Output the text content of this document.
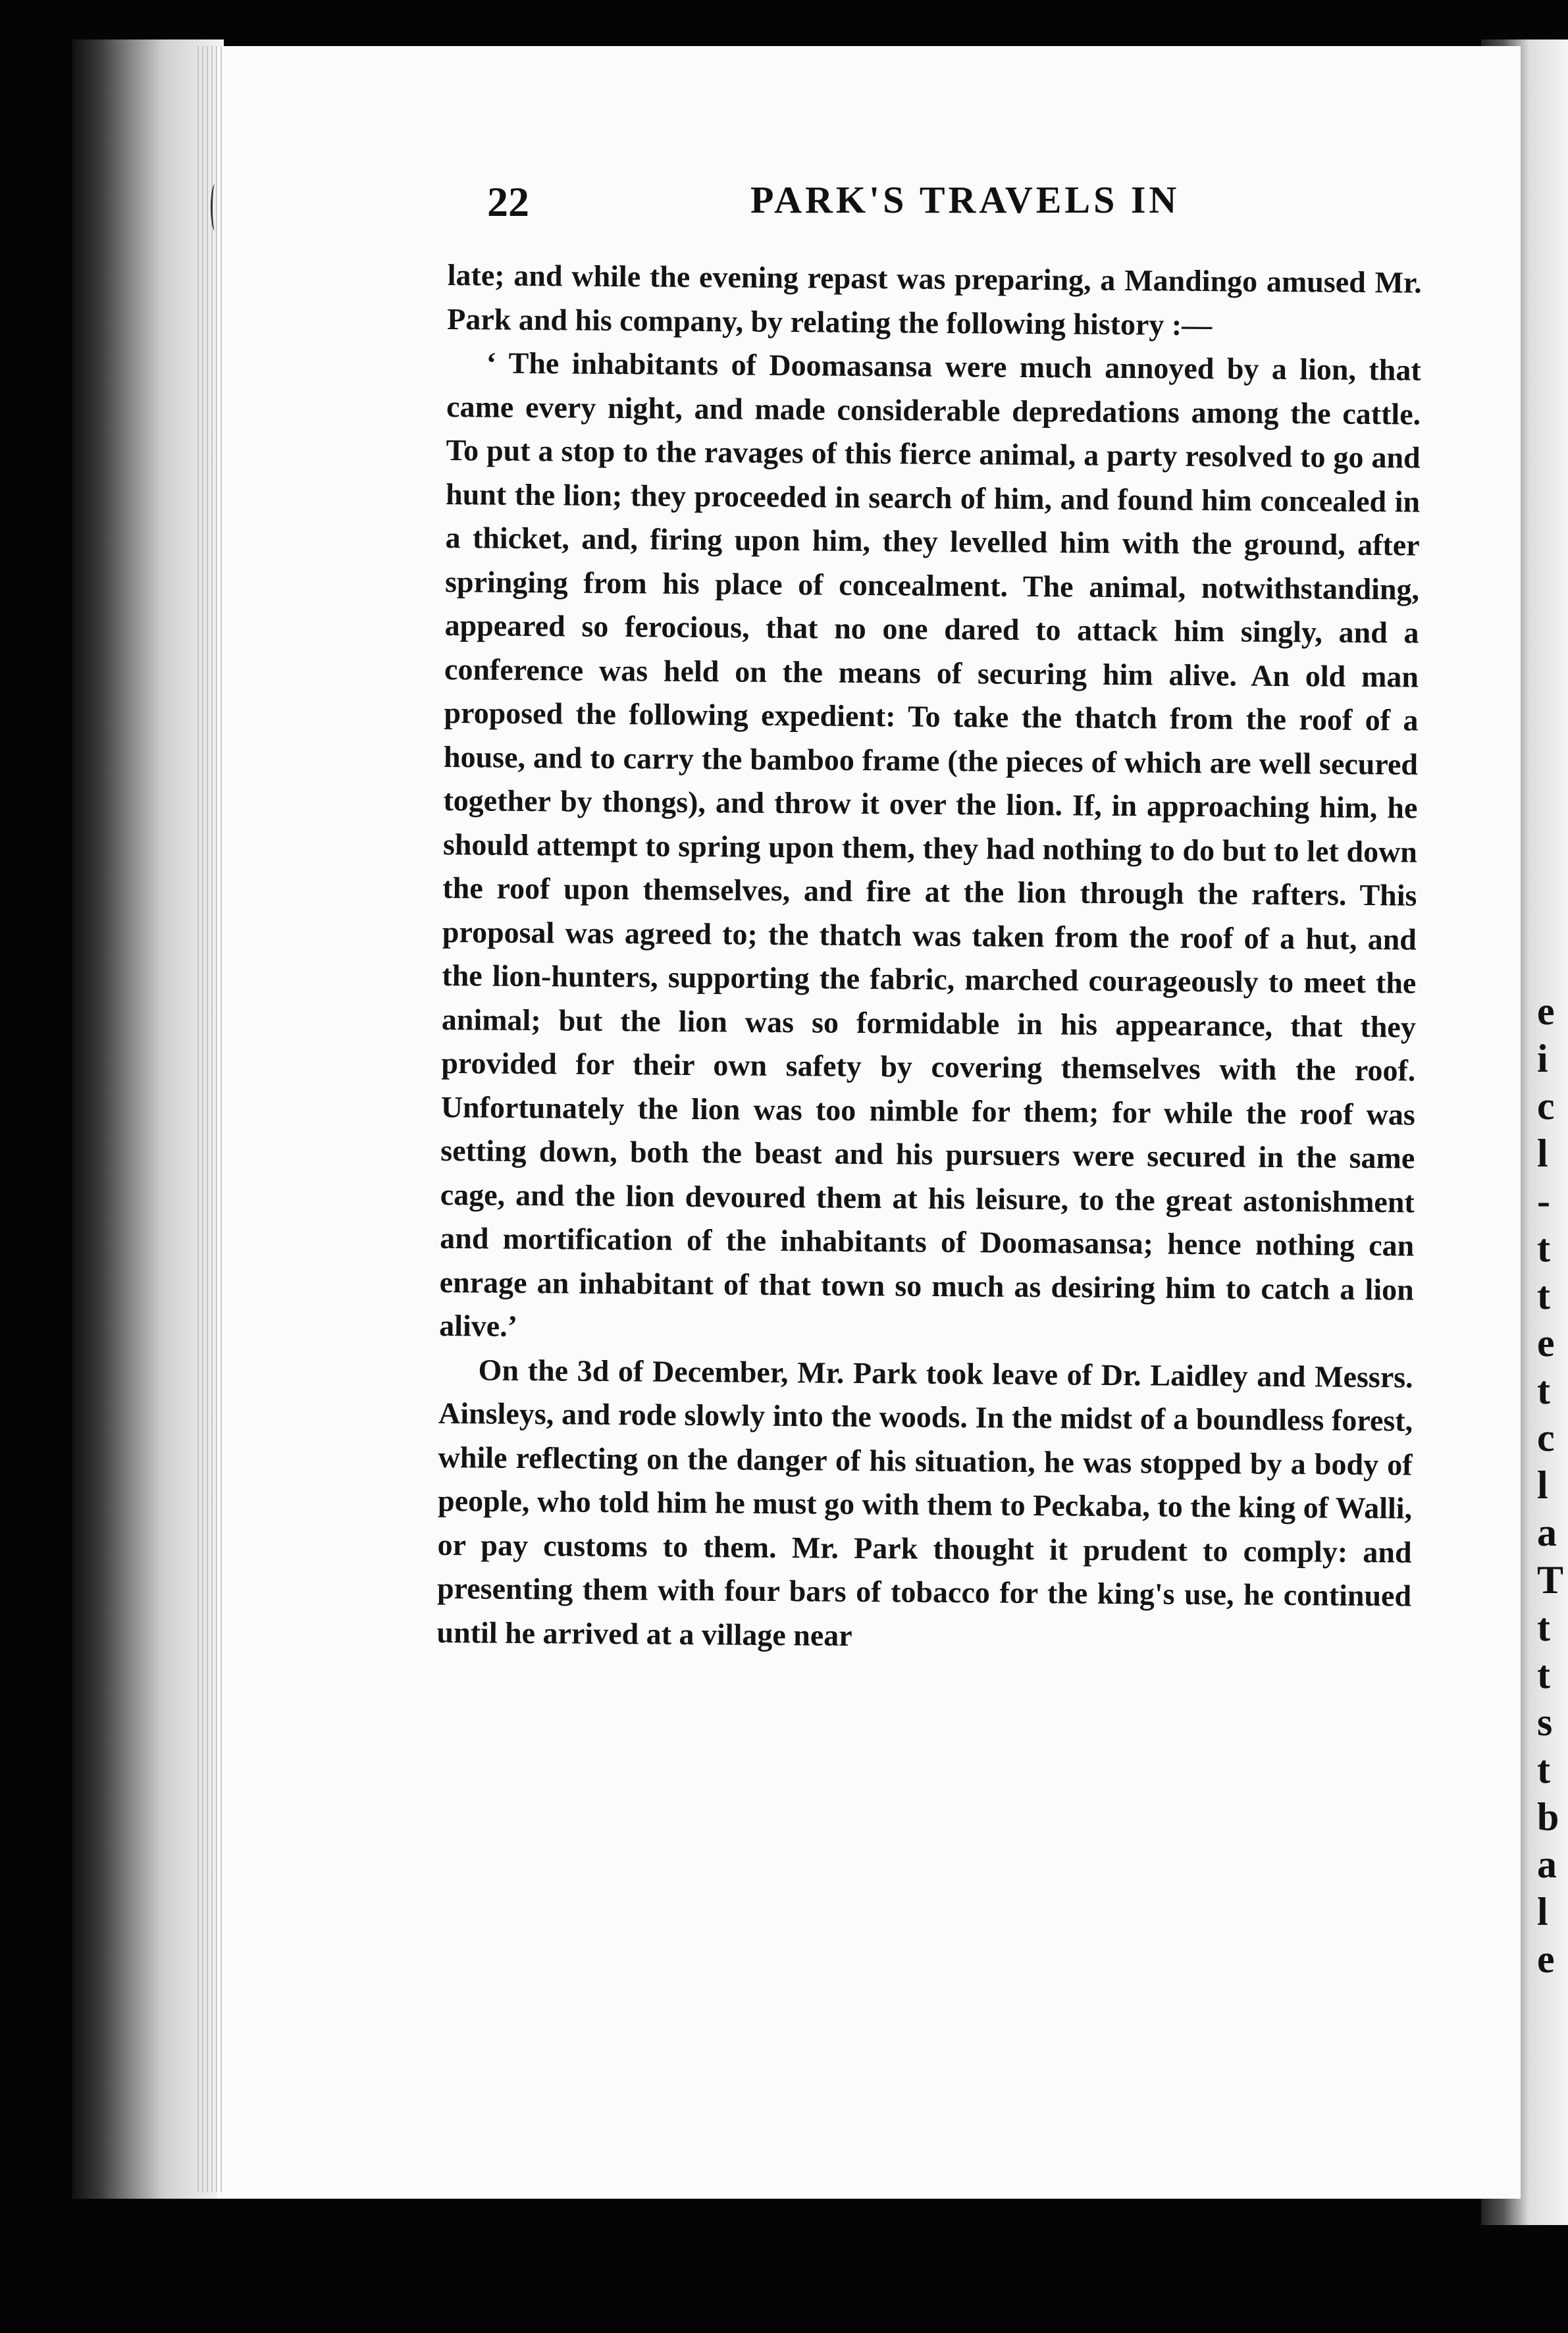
e
i
c
l
-
t
t
e
t
c
l
a
T
t
t
s
t
b
a
l
e
22	PARK'S TRAVELS IN

late; and while the evening repast was preparing, a Mandingo amused Mr. Park and his company, by relating the following history :—

‘ The inhabitants of Doomasansa were much annoyed by a lion, that came every night, and made considerable depredations among the cattle. To put a stop to the ravages of this fierce animal, a party resolved to go and hunt the lion; they proceeded in search of him, and found him concealed in a thicket, and, firing upon him, they levelled him with the ground, after springing from his place of concealment. The animal, notwithstanding, appeared so ferocious, that no one dared to attack him singly, and a conference was held on the means of securing him alive. An old man proposed the following expedient: To take the thatch from the roof of a house, and to carry the bamboo frame (the pieces of which are well secured together by thongs), and throw it over the lion. If, in approaching him, he should attempt to spring upon them, they had nothing to do but to let down the roof upon themselves, and fire at the lion through the rafters. This proposal was agreed to; the thatch was taken from the roof of a hut, and the lion-hunters, supporting the fabric, marched courageously to meet the animal; but the lion was so formidable in his appearance, that they provided for their own safety by covering themselves with the roof. Unfortunately the lion was too nimble for them; for while the roof was setting down, both the beast and his pursuers were secured in the same cage, and the lion devoured them at his leisure, to the great astonishment and mortification of the inhabitants of Doomasansa; hence nothing can enrage an inhabitant of that town so much as desiring him to catch a lion alive.’

On the 3d of December, Mr. Park took leave of Dr. Laidley and Messrs. Ainsleys, and rode slowly into the woods. In the midst of a boundless forest, while reflecting on the danger of his situation, he was stopped by a body of people, who told him he must go with them to Peckaba, to the king of Walli, or pay customs to them. Mr. Park thought it prudent to comply: and presenting them with four bars of tobacco for the king's use, he continued until he arrived at a village near
